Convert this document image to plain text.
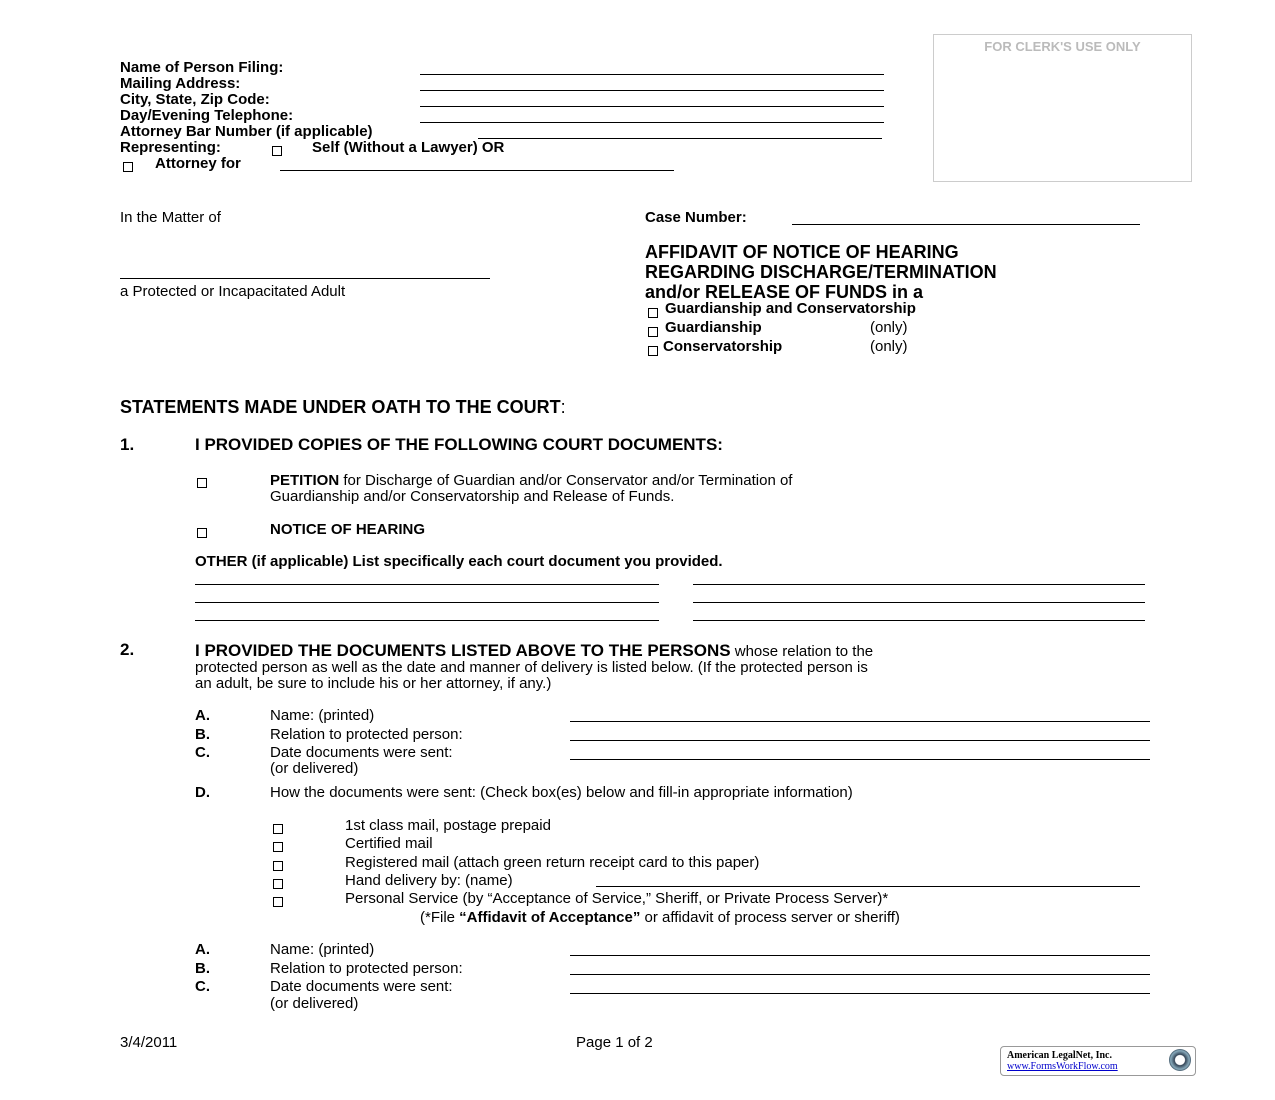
Name of Person Filing:
Mailing Address:
City, State, Zip Code:
Day/Evening Telephone:
Attorney Bar Number (if applicable)
Representing:	Self (Without a Lawyer) OR
Attorney for
FOR CLERK'S USE ONLY
In the Matter of
a Protected or Incapacitated Adult
Case Number:
AFFIDAVIT OF NOTICE OF HEARING
REGARDING DISCHARGE/TERMINATION
and/or RELEASE OF FUNDS in a
Guardianship and Conservatorship
Guardianship	(only)
Conservatorship	(only)
STATEMENTS MADE UNDER OATH TO THE COURT:
1.	I PROVIDED COPIES OF THE FOLLOWING COURT DOCUMENTS:
PETITION for Discharge of Guardian and/or Conservator and/or Termination of
Guardianship and/or Conservatorship and Release of Funds.
NOTICE OF HEARING
OTHER (if applicable) List specifically each court document you provided.
2.	I PROVIDED THE DOCUMENTS LISTED ABOVE TO THE PERSONS whose relation to the
protected person as well as the date and manner of delivery is listed below. (If the protected person is
an adult, be sure to include his or her attorney, if any.)
A.	Name: (printed)
B.	Relation to protected person:
C.	Date documents were sent:
(or delivered)
D.	How the documents were sent: (Check box(es) below and fill-in appropriate information)
1st class mail, postage prepaid
Certified mail
Registered mail (attach green return receipt card to this paper)
Hand delivery by: (name)
Personal Service (by “Acceptance of Service,” Sheriff, or Private Process Server)*
(*File “Affidavit of Acceptance” or affidavit of process server or sheriff)
A.	Name: (printed)
B.	Relation to protected person:
C.	Date documents were sent:
(or delivered)
3/4/2011	Page 1 of 2
American LegalNet, Inc.
www.FormsWorkFlow.com
